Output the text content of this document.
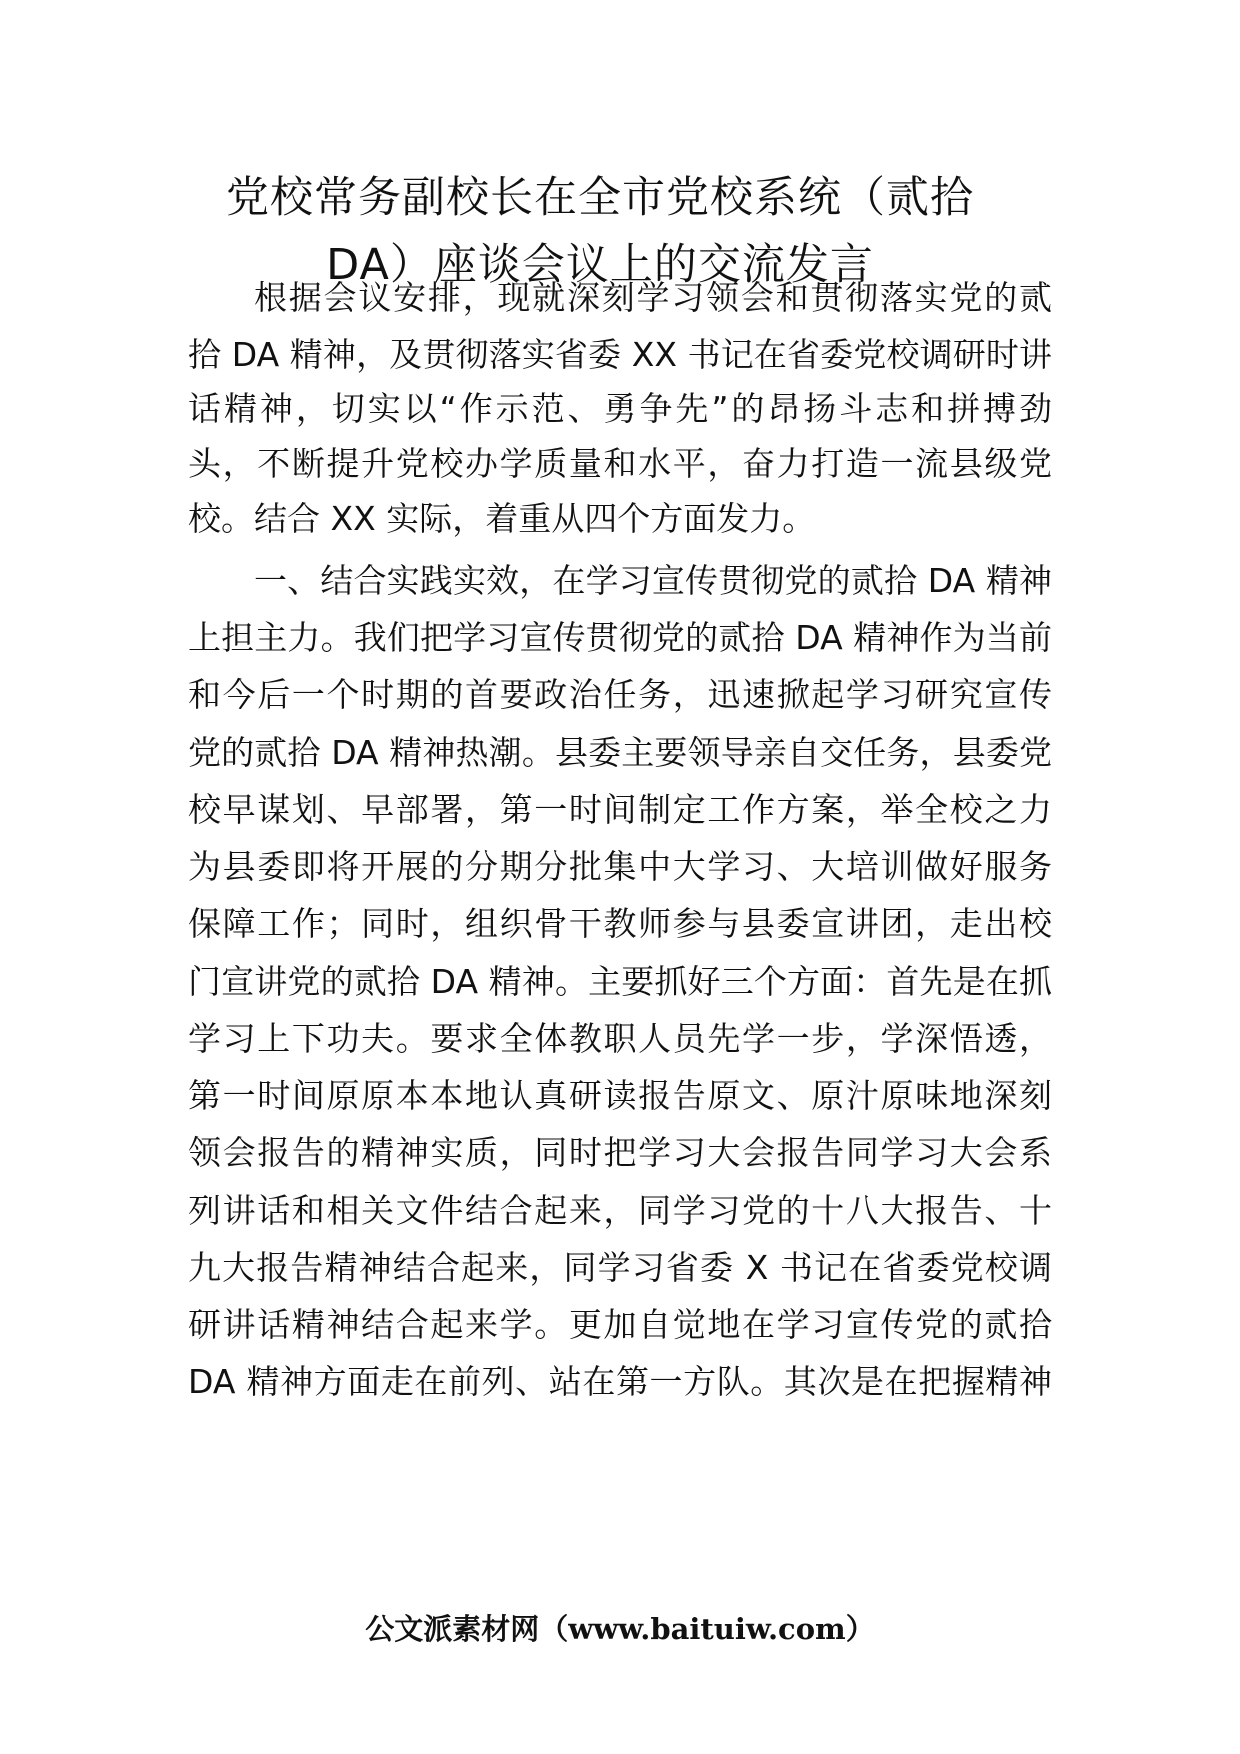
党校常务副校长在全市党校系统（贰拾
DA）座谈会议上的交流发言

根据会议安排，现就深刻学习领会和贯彻落实党的贰

拾 DA 精神，及贯彻落实省委 XX 书记在省委党校调研时讲

话精神，切实以“作示范、勇争先”的昂扬斗志和拼搏劲

头，不断提升党校办学质量和水平，奋力打造一流县级党

校。结合 XX 实际，着重从四个方面发力。

一、结合实践实效，在学习宣传贯彻党的贰拾 DA 精神

上担主力。我们把学习宣传贯彻党的贰拾 DA 精神作为当前

和今后一个时期的首要政治任务，迅速掀起学习研究宣传

党的贰拾 DA 精神热潮。县委主要领导亲自交任务，县委党

校早谋划、早部署，第一时间制定工作方案，举全校之力

为县委即将开展的分期分批集中大学习、大培训做好服务

保障工作；同时，组织骨干教师参与县委宣讲团，走出校

门宣讲党的贰拾 DA 精神。主要抓好三个方面：首先是在抓

学习上下功夫。要求全体教职人员先学一步，学深悟透，

第一时间原原本本地认真研读报告原文、原汁原味地深刻

领会报告的精神实质，同时把学习大会报告同学习大会系

列讲话和相关文件结合起来，同学习党的十八大报告、十

九大报告精神结合起来，同学习省委 X 书记在省委党校调

研讲话精神结合起来学。更加自觉地在学习宣传党的贰拾

DA 精神方面走在前列、站在第一方队。其次是在把握精神

公文派素材网（www.baituiw.com）
